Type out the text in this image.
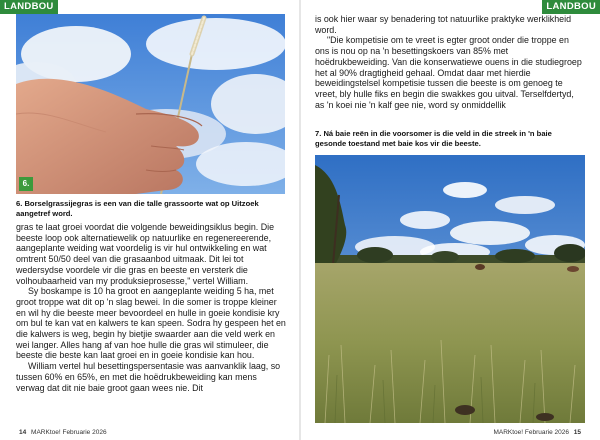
LANDBOU	LANDBOU
6.
6. Borselgrassijegras is een van die talle grassoorte wat op Uitzoek aangetref word.

gras te laat groei voordat die volgende beweidingsiklus begin. Die beeste loop ook alternatiewelik op natuurlike en regenereerende, aangeplante weiding wat voordelig is vir hul ontwikkeling en wat omtrent 50/50 deel van die grasaanbod uitmaak. Dit lei tot wedersydse voordele vir die gras en beeste en versterk die volhoubaarheid van my produksieprosesse," vertel William.

Sy boskampe is 10 ha groot en aangeplante weiding 5 ha, met groot troppe wat dit op 'n slag bewei. In die somer is troppe kleiner en wil hy die beeste meer bevoordeel en hulle in goeie kondisie kry om bul te kan vat en kalwers te kan speen. Sodra hy gespeen het en die kalwers is weg, begin hy bietjie swaarder aan die veld werk en wei langer. Alles hang af van hoe hulle die gras wil stimuleer, die beeste die beste kan laat groei en in goeie kondisie kan hou.

William vertel hul besettingspersentasie was aanvanklik laag, so tussen 60% en 65%, en met die hoëdrukbeweiding kan mens verwag dat dit nie baie groot gaan wees nie. Dit

is ook hier waar sy benadering tot natuurlike praktyke werklikheid word.

"Die kompetisie om te vreet is egter groot onder die troppe en ons is nou op na 'n besettingskoers van 85% met hoëdrukbeweiding. Van die konserwatiewe ouens in die studiegroep het al 90% dragtigheid gehaal. Omdat daar met hierdie beweidingstelsel kompetisie tussen die beeste is om genoeg te vreet, bly hulle fiks en begin die swakkes gou uitval. Terselfdertyd, as 'n koei nie 'n kalf gee nie, word sy onmiddellik

7. Ná baie reën in die voorsomer is die veld in die streek in 'n baie gesonde toestand met baie kos vir die beeste.
14 MARKtoe! Februarie 2026	MARKtoe! Februarie 2026 15
